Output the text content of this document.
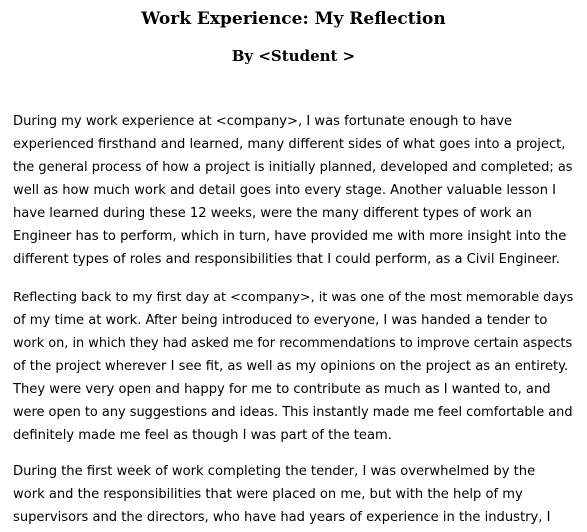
Work Experience: My Reflection
By <Student >
During my work experience at <company>, I was fortunate enough to have
experienced firsthand and learned, many different sides of what goes into a project,
the general process of how a project is initially planned, developed and completed; as
well as how much work and detail goes into every stage. Another valuable lesson I
have learned during these 12 weeks, were the many different types of work an
Engineer has to perform, which in turn, have provided me with more insight into the
different types of roles and responsibilities that I could perform, as a Civil Engineer.
Reflecting back to my first day at <company>, it was one of the most memorable days
of my time at work. After being introduced to everyone, I was handed a tender to
work on, in which they had asked me for recommendations to improve certain aspects
of the project wherever I see fit, as well as my opinions on the project as an entirety.
They were very open and happy for me to contribute as much as I wanted to, and
were open to any suggestions and ideas. This instantly made me feel comfortable and
definitely made me feel as though I was part of the team.
During the first week of work completing the tender, I was overwhelmed by the
work and the responsibilities that were placed on me, but with the help of my
supervisors and the directors, who have had years of experience in the industry, I
